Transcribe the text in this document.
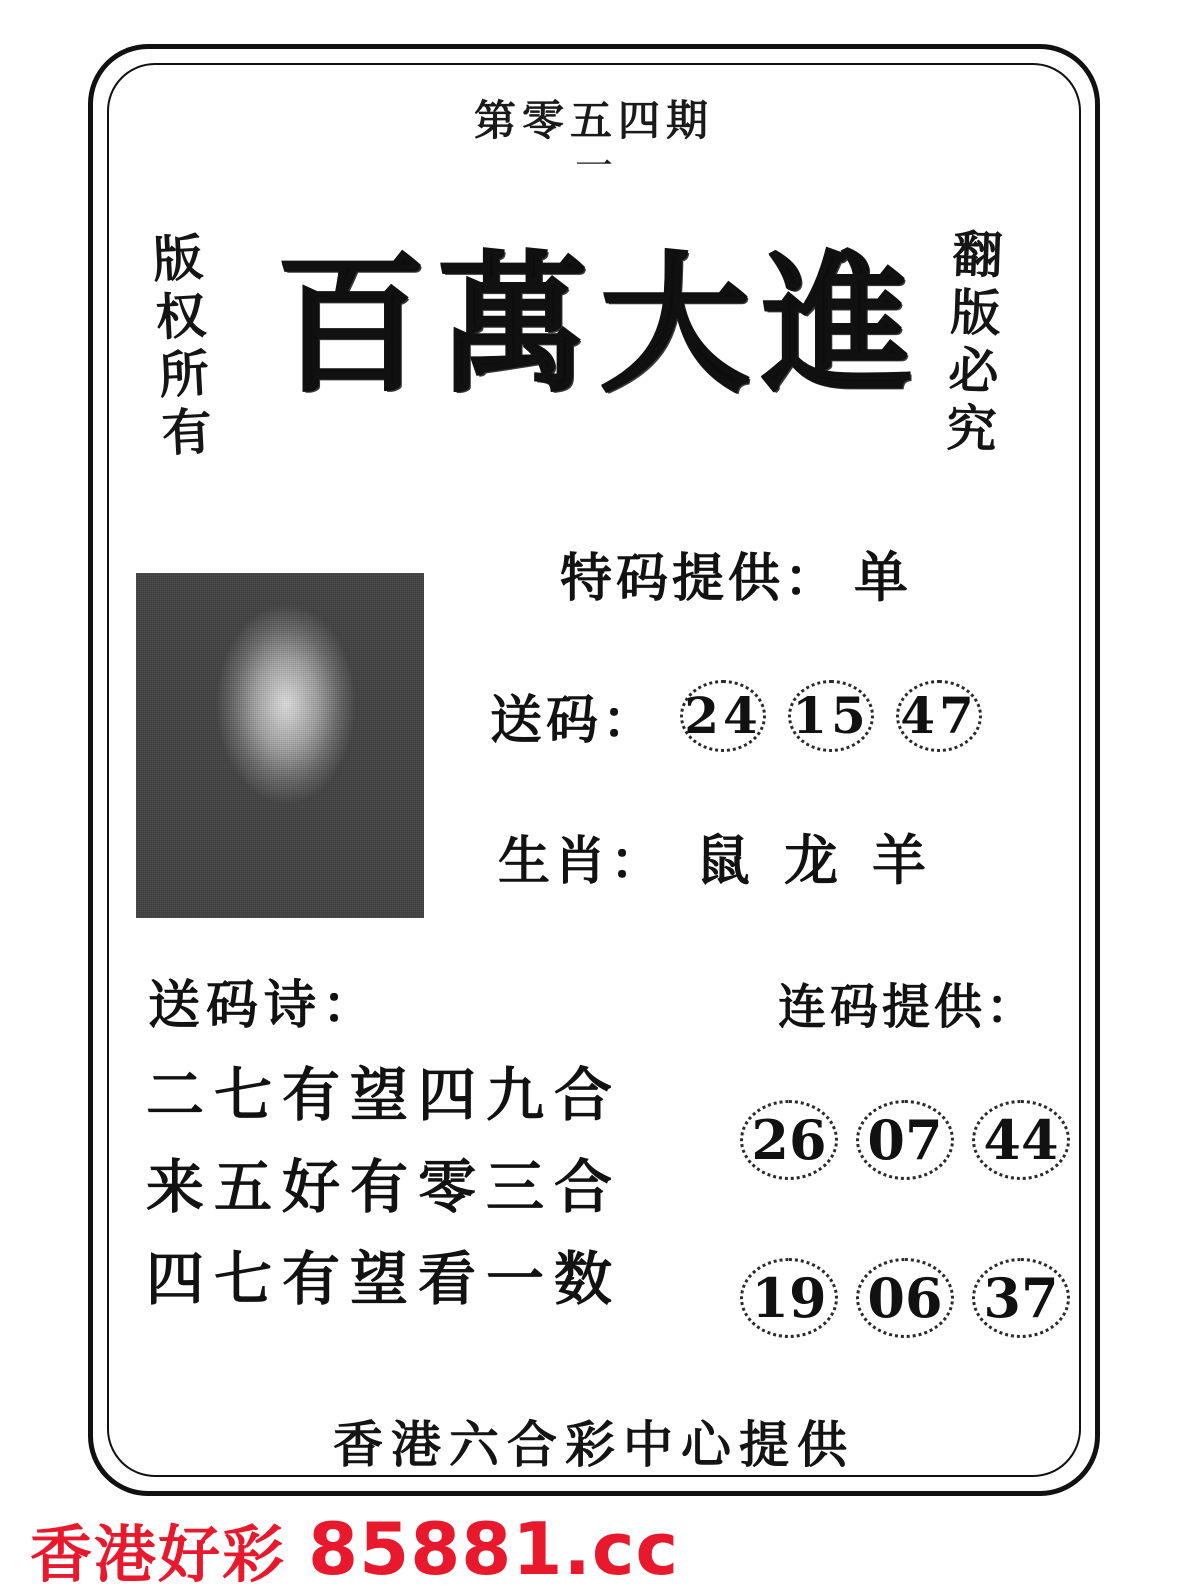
第零五四期
一
版权所有	翻版必究
百萬大進
特码提供： 单
送码： 24 15 47
生肖： 鼠 龙 羊
送码诗：
二七有望四九合
来五好有零三合
四七有望看一数
连码提供：
26 07 44
19 06 37
香港六合彩中心提供
香港好彩 85881.cc
